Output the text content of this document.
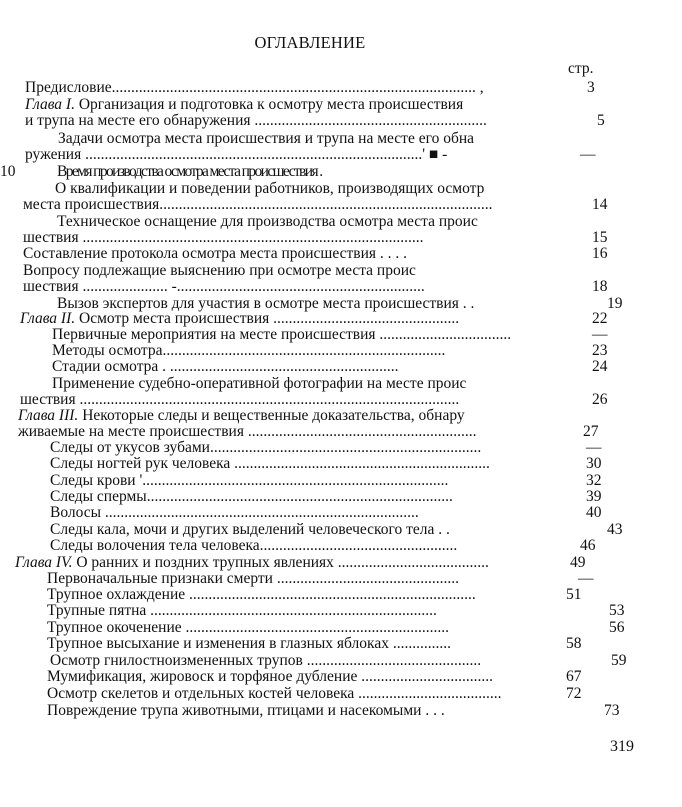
ОГЛАВЛЕНИЕ
стр.
Предисловие.............................................................................................. ,	3
Глава I. Организация и подготовка к осмотру места происшествия
и трупа на месте его обнаружения ............................................................	5
Задачи осмотра места происшествия и трупа на месте его обна
ружения .......................................................................................' ■ -	—
Время производства осмотра места происшествия .
10
О квалификации и поведении работников, производящих осмотр
места происшествия......................................................................................	14
Техническое оснащение для производства осмотра места проис
шествия ........................................................................................	15
Составление протокола осмотра места происшествия . . . .	16
Вопросу подлежащие выяснению при осмотре места проис
шествия ...................... -................................................................	18
Вызов экспертов для участия в осмотре места происшествия . .	19
Глава II. Осмотр места происшествия ................................................	22
Первичные мероприятия на месте происшествия ..................................	—
Методы осмотра.........................................................................	23
Стадии осмотра . ...........................................................	24
Применение судебно-оперативной фотографии на месте проис
шествия ..................................................................................................	26
Глава III. Некоторые следы и вещественные доказательства, обнару
живаемые на месте происшествия ...........................................................	27
Следы от укусов зубами......................................................................	—
Следы ногтей рук человека ..................................................................	30
Следы крови '...............................................................................	32
Следы спермы...............................................................................	39
Волосы .................................................................................	40
Следы кала, мочи и других выделений человеческого тела . .	43
Следы волочения тела человека...................................................	46
Глава IV. О ранних и поздних трупных явлениях .......................................	49
Первоначальные признаки смерти ...............................................	—
Трупное охлаждение ..........................................................................	51
Трупные пятна ..........................................................................	53
Трупное окоченение ....................................................................	56
Трупное высыхание и изменения в глазных яблоках ...............	58
Осмотр гнилостноизмененных трупов .............................................	59
Мумификация, жировоск и торфяное дубление ..................................	67
Осмотр скелетов и отдельных костей человека .....................................	72
Повреждение трупа животными, птицами и насекомыми . . .	73
319
